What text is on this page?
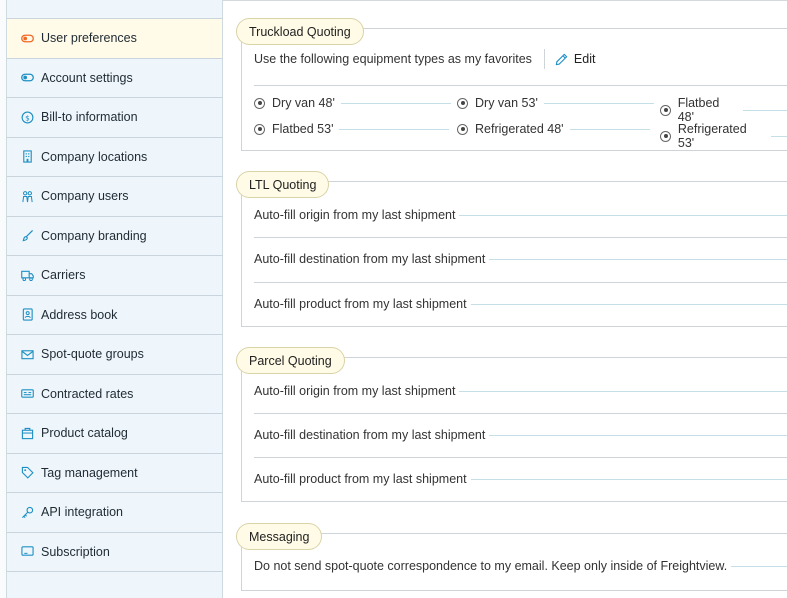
User preferences
Account settings
$ Bill-to information
Company locations
Company users
Company branding
Carriers
Address book
Spot-quote groups
Contracted rates
Product catalog
Tag management
API integration
Subscription
Truckload Quoting
Use the following equipment types as my favorites	Edit
Dry van 48'	Dry van 53'	Flatbed 48'
Flatbed 53'	Refrigerated 48'	Refrigerated 53'
LTL Quoting
Auto-fill origin from my last shipment
Auto-fill destination from my last shipment
Auto-fill product from my last shipment
Parcel Quoting
Auto-fill origin from my last shipment
Auto-fill destination from my last shipment
Auto-fill product from my last shipment
Messaging
Do not send spot-quote correspondence to my email. Keep only inside of Freightview.
